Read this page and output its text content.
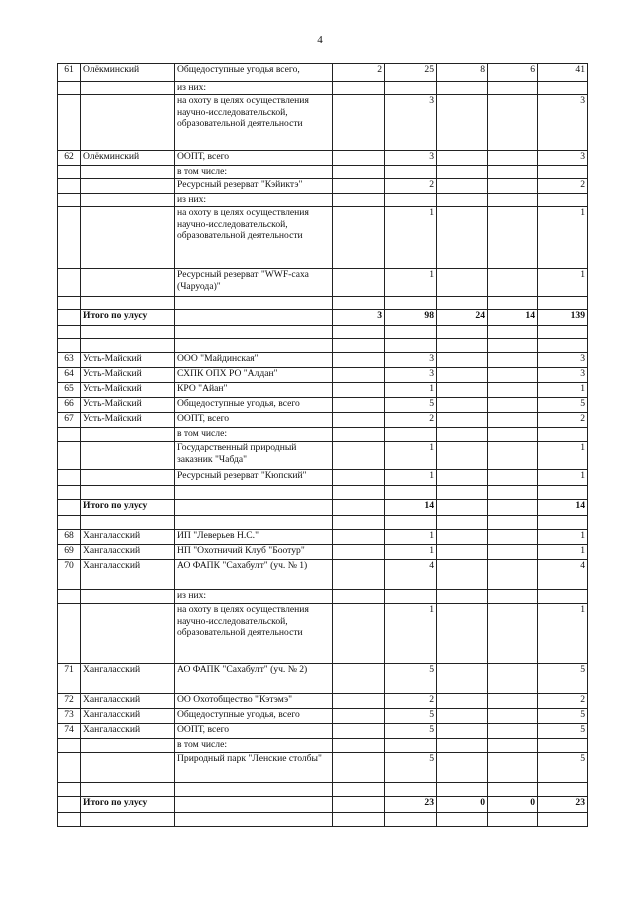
4
61	Олёкминский	Общедоступные угодья всего,	2	25	8	6	41
		из них:					
		на охоту в целях осуществления научно-исследовательской, образовательной деятельности		3			3
62	Олёкминский	ООПТ, всего		3			3
		в том числе:					
		Ресурсный резерват "Кэйиктэ"		2			2
		из них:					
		на охоту в целях осуществления научно-исследовательской, образовательной деятельности		1			1
		Ресурсный резерват "WWF-саха (Чаруода)"		1			1

	Итого по улусу		3	98	24	14	139

63	Усть-Майский	ООО "Майдинская"		3			3
64	Усть-Майский	СХПК ОПХ РО "Алдан"		3			3
65	Усть-Майский	КРО "Айан"		1			1
66	Усть-Майский	Общедоступные угодья, всего		5			5
67	Усть-Майский	ООПТ, всего		2			2
		в том числе:					
		Государственный природный заказник "Чабда"		1			1
		Ресурсный резерват "Кюпский"		1			1

	Итого по улусу			14			14

68	Хангаласский	ИП "Леверьев Н.С."		1			1
69	Хангаласский	НП "Охотничий Клуб "Боотур"		1			1
70	Хангаласский	АО ФАПК "Сахабулт" (уч. № 1)		4			4
		из них:					
		на охоту в целях осуществления научно-исследовательской, образовательной деятельности		1			1
71	Хангаласский	АО ФАПК "Сахабулт" (уч. № 2)		5			5
72	Хангаласский	ОО Охотобщество "Кэтэмэ"		2			2
73	Хангаласский	Общедоступные угодья, всего		5			5
74	Хангаласский	ООПТ, всего		5			5
		в том числе:					
		Природный парк "Ленские столбы"		5			5

	Итого по улусу			23	0	0	23
